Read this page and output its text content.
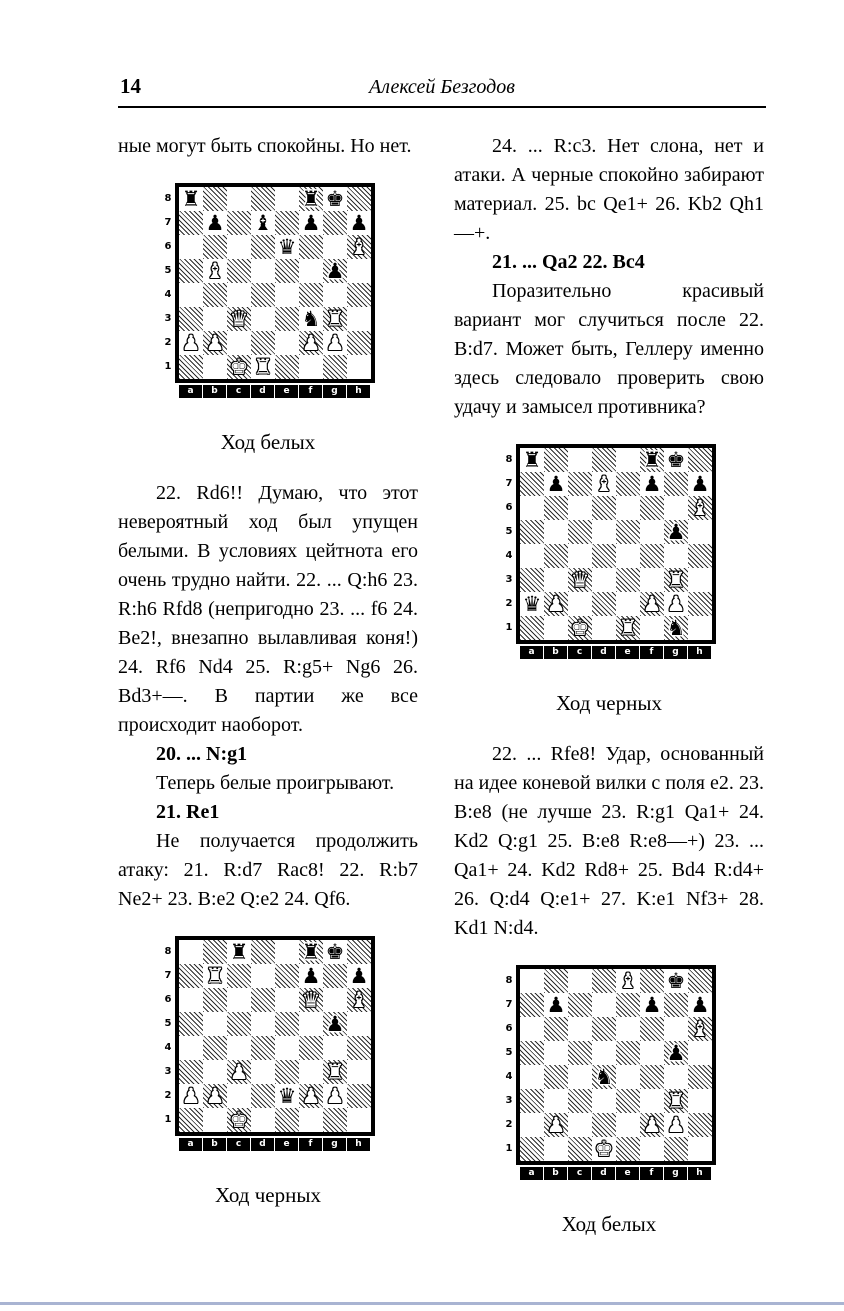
14	Алексей Безгодов

ные могут быть спокойны. Но нет.

8
7
6
5
4
3
2
1
♜	♜ ♚
♟ ♝ ♟ ♟
♛	♝
♝	♟
♛	♞ ♜
♟ ♟	♟ ♟
♚ ♜
a	b	c	d	e	f	g	h
Ход белых

22. Rd6!! Думаю, что этот невероятный ход был упущен белыми. В условиях цейтнота его очень трудно найти. 22. ... Q:h6 23. R:h6 Rfd8 (непригодно 23. ... f6 24. Be2!, внезапно вылавливая коня!) 24. Rf6 Nd4 25. R:g5+ Ng6 26. Bd3+—. В партии же все происходит наоборот.

20. ... N:g1

Теперь белые проигрывают.

21. Re1

Не получается продолжить атаку: 21. R:d7 Rac8! 22. R:b7 Ne2+ 23. B:e2 Q:e2 24. Qf6.

8
7
6
5
4
3
2
1
♜	♜ ♚
♜	♟ ♟
♛ ♝
♟
♟	♜
♟ ♟	♛ ♟ ♟
♚
a	b	c	d	e	f	g	h
Ход черных

24. ... R:c3. Нет слона, нет и атаки. А черные спокойно забирают материал. 25. bc Qe1+ 26. Kb2 Qh1—+.

21. ... Qa2 22. Bc4

Поразительно красивый вариант мог случиться после 22. B:d7. Может быть, Геллеру именно здесь следовало проверить свою удачу и замысел противника?

8
7
6
5
4
3
2
1
♜	♜ ♚
♟ ♝ ♟ ♟
♝
♟
♛	♜
♛ ♟	♟ ♟
♚ ♜ ♞
a	b	c	d	e	f	g	h
Ход черных

22. ... Rfe8! Удар, основанный на идее коневой вилки с поля e2. 23. B:e8 (не лучше 23. R:g1 Qa1+ 24. Kd2 Q:g1 25. B:e8 R:e8—+) 23. ... Qa1+ 24. Kd2 Rd8+ 25. Bd4 R:d4+ 26. Q:d4 Q:e1+ 27. K:e1 Nf3+ 28. Kd1 N:d4.

8
7
6
5
4
3
2
1
♝ ♚
♟	♟ ♟
♝
♟
♞
♜
♟	♟ ♟
♚
a	b	c	d	e	f	g	h
Ход белых
